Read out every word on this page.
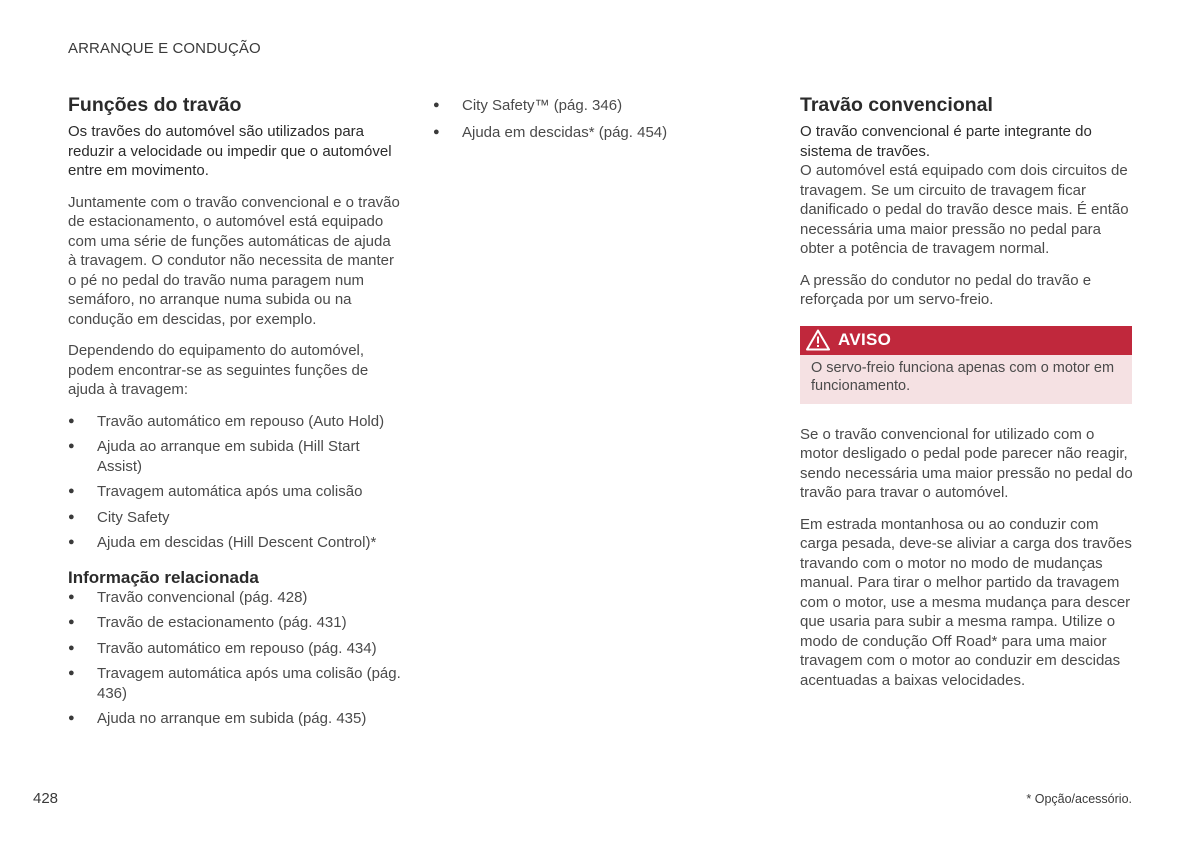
ARRANQUE E CONDUÇÃO
Funções do travão

Os travões do automóvel são utilizados para reduzir a velocidade ou impedir que o automóvel entre em movimento.

Juntamente com o travão convencional e o travão de estacionamento, o automóvel está equipado com uma série de funções automáticas de ajuda à travagem. O condutor não necessita de manter o pé no pedal do travão numa paragem num semáforo, no arranque numa subida ou na condução em descidas, por exemplo.

Dependendo do equipamento do automóvel, podem encontrar-se as seguintes funções de ajuda à travagem:

● Travão automático em repouso (Auto Hold)
● Ajuda ao arranque em subida (Hill Start Assist)
● Travagem automática após uma colisão
● City Safety
● Ajuda em descidas (Hill Descent Control)*
Informação relacionada
● Travão convencional (pág. 428)
● Travão de estacionamento (pág. 431)
● Travão automático em repouso (pág. 434)
● Travagem automática após uma colisão (pág. 436)
● Ajuda no arranque em subida (pág. 435)
● City Safety™ (pág. 346)
● Ajuda em descidas* (pág. 454)
Travão convencional

O travão convencional é parte integrante do sistema de travões.

O automóvel está equipado com dois circuitos de travagem. Se um circuito de travagem ficar danificado o pedal do travão desce mais. É então necessária uma maior pressão no pedal para obter a potência de travagem normal.

A pressão do condutor no pedal do travão e reforçada por um servo-freio.

AVISO
O servo-freio funciona apenas com o motor em funcionamento.

Se o travão convencional for utilizado com o motor desligado o pedal pode parecer não reagir, sendo necessária uma maior pressão no pedal do travão para travar o automóvel.

Em estrada montanhosa ou ao conduzir com carga pesada, deve-se aliviar a carga dos travões travando com o motor no modo de mudanças manual. Para tirar o melhor partido da travagem com o motor, use a mesma mudança para descer que usaria para subir a mesma rampa. Utilize o modo de condução Off Road* para uma maior travagem com o motor ao conduzir em descidas acentuadas a baixas velocidades.

428	* Opção/acessório.
